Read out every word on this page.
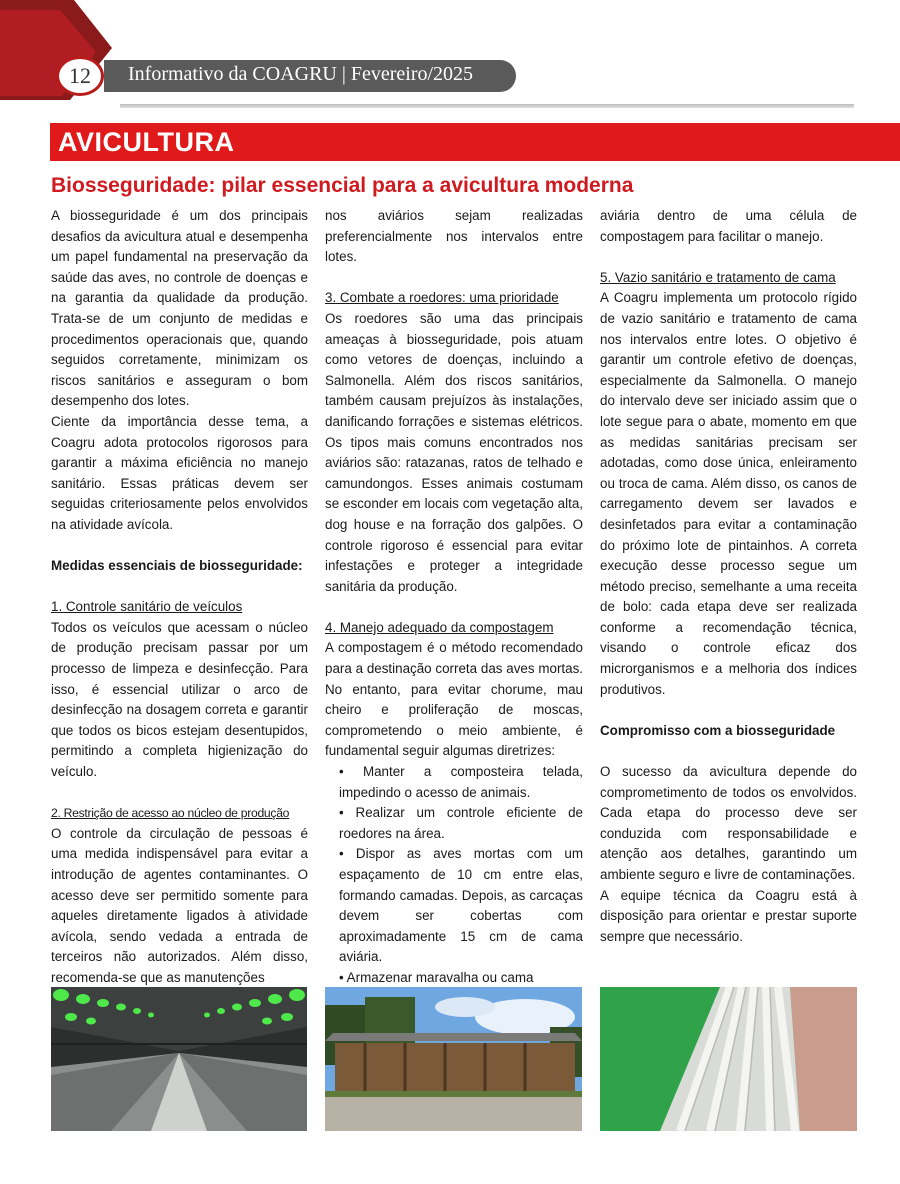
Informativo da COAGRU | Fevereiro/2025
12
AVICULTURA
Biosseguridade: pilar essencial para a avicultura moderna

A biosseguridade é um dos principais desafios da avicultura atual e desempenha um papel fundamental na preservação da saúde das aves, no controle de doenças e na garantia da qualidade da produção. Trata-se de um conjunto de medidas e procedimentos operacionais que, quando seguidos corretamente, minimizam os riscos sanitários e asseguram o bom desempenho dos lotes.

Ciente da importância desse tema, a Coagru adota protocolos rigorosos para garantir a máxima eficiência no manejo sanitário. Essas práticas devem ser seguidas criteriosamente pelos envolvidos na atividade avícola.

Medidas essenciais de biosseguridade:

1. Controle sanitário de veículos

Todos os veículos que acessam o núcleo de produção precisam passar por um processo de limpeza e desinfecção. Para isso, é essencial utilizar o arco de desinfecção na dosagem correta e garantir que todos os bicos estejam desentupidos, permitindo a completa higienização do veículo.

2. Restrição de acesso ao núcleo de produção

O controle da circulação de pessoas é uma medida indispensável para evitar a introdução de agentes contaminantes. O acesso deve ser permitido somente para aqueles diretamente ligados à atividade avícola, sendo vedada a entrada de terceiros não autorizados. Além disso, recomenda-se que as manutenções

nos aviários sejam realizadas preferencialmente nos intervalos entre lotes.

3. Combate a roedores: uma prioridade

Os roedores são uma das principais ameaças à biosseguridade, pois atuam como vetores de doenças, incluindo a Salmonella. Além dos riscos sanitários, também causam prejuízos às instalações, danificando forrações e sistemas elétricos. Os tipos mais comuns encontrados nos aviários são: ratazanas, ratos de telhado e camundongos. Esses animais costumam se esconder em locais com vegetação alta, dog house e na forração dos galpões. O controle rigoroso é essencial para evitar infestações e proteger a integridade sanitária da produção.

4. Manejo adequado da compostagem

A compostagem é o método recomendado para a destinação correta das aves mortas. No entanto, para evitar chorume, mau cheiro e proliferação de moscas, comprometendo o meio ambiente, é fundamental seguir algumas diretrizes:

• Manter a composteira telada, impedindo o acesso de animais.

• Realizar um controle eficiente de roedores na área.

• Dispor as aves mortas com um espaçamento de 10 cm entre elas, formando camadas. Depois, as carcaças devem ser cobertas com aproximadamente 15 cm de cama aviária.

• Armazenar maravalha ou cama

aviária dentro de uma célula de compostagem para facilitar o manejo.

5. Vazio sanitário e tratamento de cama

A Coagru implementa um protocolo rígido de vazio sanitário e tratamento de cama nos intervalos entre lotes. O objetivo é garantir um controle efetivo de doenças, especialmente da Salmonella. O manejo do intervalo deve ser iniciado assim que o lote segue para o abate, momento em que as medidas sanitárias precisam ser adotadas, como dose única, enleiramento ou troca de cama. Além disso, os canos de carregamento devem ser lavados e desinfetados para evitar a contaminação do próximo lote de pintainhos. A correta execução desse processo segue um método preciso, semelhante a uma receita de bolo: cada etapa deve ser realizada conforme a recomendação técnica, visando o controle eficaz dos microrganismos e a melhoria dos índices produtivos.

Compromisso com a biosseguridade

O sucesso da avicultura depende do comprometimento de todos os envolvidos. Cada etapa do processo deve ser conduzida com responsabilidade e atenção aos detalhes, garantindo um ambiente seguro e livre de contaminações.

A equipe técnica da Coagru está à disposição para orientar e prestar suporte sempre que necessário.
